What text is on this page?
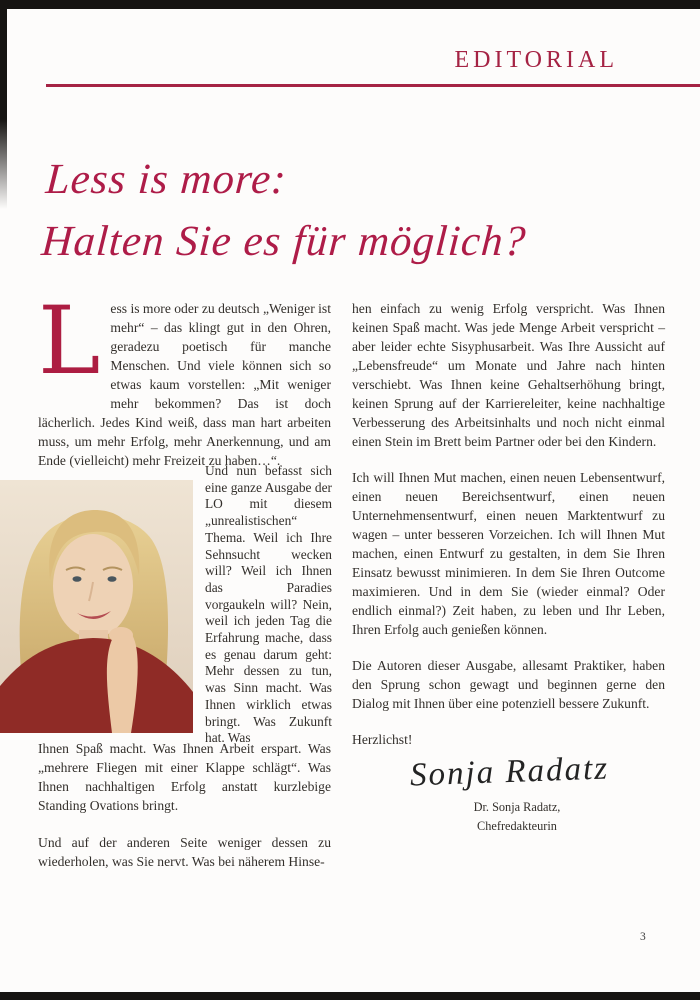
EDITORIAL
Less is more:
Halten Sie es für möglich?
Less is more oder zu deutsch „Weniger ist mehr“ – das klingt gut in den Ohren, geradezu poetisch für manche Menschen. Und viele können sich so etwas kaum vorstellen: „Mit weniger mehr bekommen? Das ist doch lächerlich. Jedes Kind weiß, dass man hart arbeiten muss, um mehr Erfolg, mehr Anerkennung, und am Ende (vielleicht) mehr Freizeit zu haben…“.
Und nun befasst sich eine ganze Ausgabe der LO mit diesem „unrealistischen“ Thema. Weil ich Ihre Sehnsucht wecken will? Weil ich Ihnen das Paradies vorgaukeln will? Nein, weil ich jeden Tag die Erfahrung mache, dass es genau darum geht: Mehr dessen zu tun, was Sinn macht. Was Ihnen wirklich etwas bringt. Was Zukunft hat. Was

Ihnen Spaß macht. Was Ihnen Arbeit erspart. Was „mehrere Fliegen mit einer Klappe schlägt“. Was Ihnen nachhaltigen Erfolg anstatt kurzlebige Standing Ovations bringt.

Und auf der anderen Seite weniger dessen zu wiederholen, was Sie nervt. Was bei näherem Hinse-

hen einfach zu wenig Erfolg verspricht. Was Ihnen keinen Spaß macht. Was jede Menge Arbeit verspricht – aber leider echte Sisyphusarbeit. Was Ihre Aussicht auf „Lebensfreude“ um Monate und Jahre nach hinten verschiebt. Was Ihnen keine Gehaltserhöhung bringt, keinen Sprung auf der Karriereleiter, keine nachhaltige Verbesserung des Arbeitsinhalts und noch nicht einmal einen Stein im Brett beim Partner oder bei den Kindern.

Ich will Ihnen Mut machen, einen neuen Lebensentwurf, einen neuen Bereichsentwurf, einen neuen Unternehmensentwurf, einen neuen Marktentwurf zu wagen – unter besseren Vorzeichen. Ich will Ihnen Mut machen, einen Entwurf zu gestalten, in dem Sie Ihren Einsatz bewusst minimieren. In dem Sie Ihren Outcome maximieren. Und in dem Sie (wieder einmal? Oder endlich einmal?) Zeit haben, zu leben und Ihr Leben, Ihren Erfolg auch genießen können.

Die Autoren dieser Ausgabe, allesamt Praktiker, haben den Sprung schon gewagt und beginnen gerne den Dialog mit Ihnen über eine potenziell bessere Zukunft.

Herzlichst!

Sonja Radatz
Dr. Sonja Radatz,
Chefredakteurin
3
